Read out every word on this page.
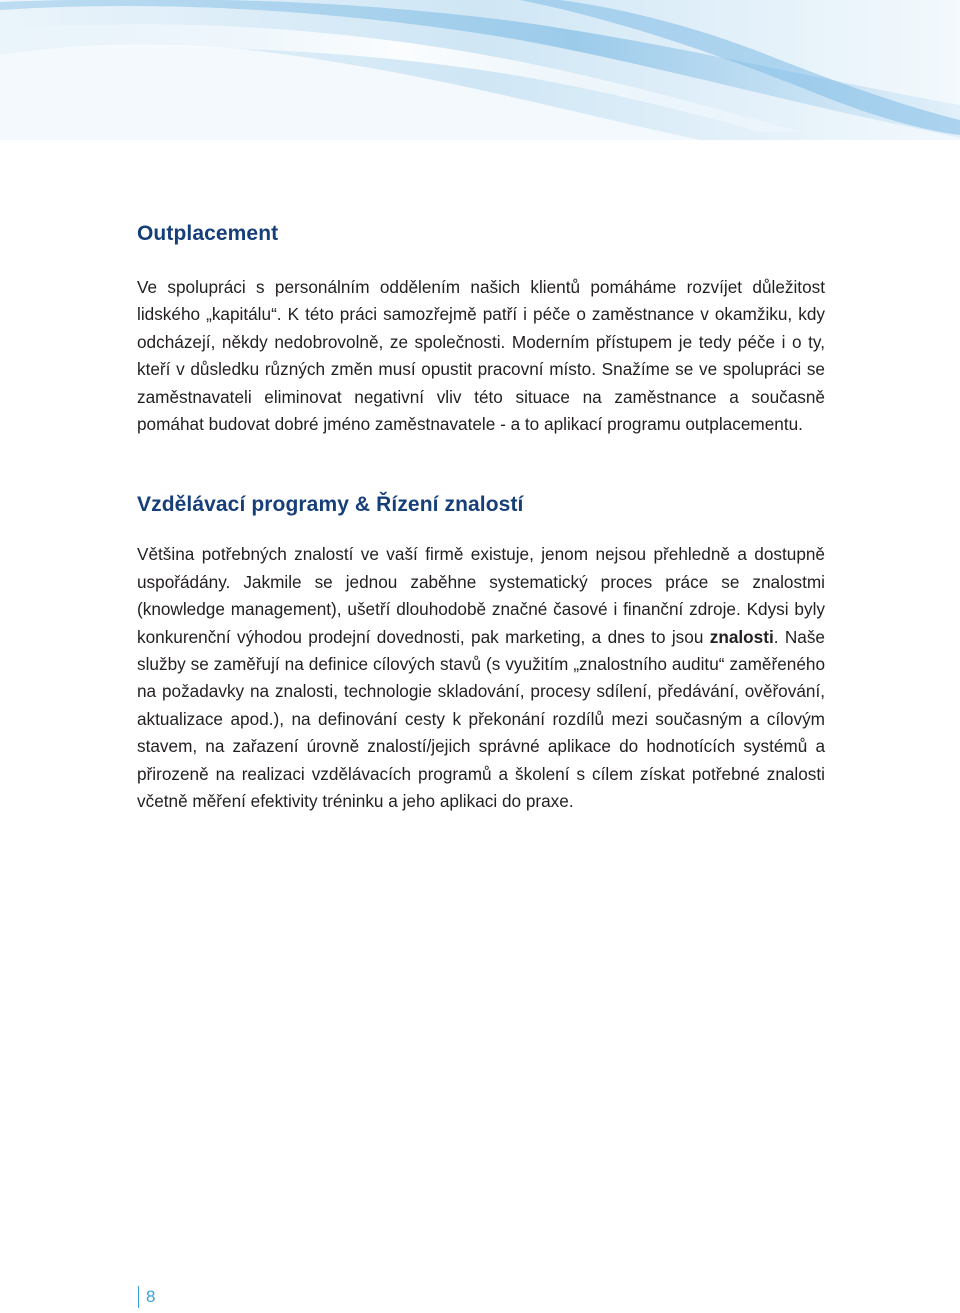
Outplacement

Ve spolupráci s personálním oddělením našich klientů pomáháme rozvíjet důležitost lidského „kapitálu“. K této práci samozřejmě patří i péče o zaměstnance v okamžiku, kdy odcházejí, někdy nedobrovolně, ze společnosti. Moderním přístupem je tedy péče i o ty, kteří v důsledku různých změn musí opustit pracovní místo. Snažíme se ve spolupráci se zaměstnavateli eliminovat negativní vliv této situace na zaměstnance a současně pomáhat budovat dobré jméno zaměstnavatele - a to aplikací programu outplacementu.

Vzdělávací programy & Řízení znalostí

Většina potřebných znalostí ve vaší firmě existuje, jenom nejsou přehledně a dostupně uspořádány. Jakmile se jednou zaběhne systematický proces práce se znalostmi (knowledge management), ušetří dlouhodobě značné časové i finanční zdroje. Kdysi byly konkurenční výhodou prodejní dovednosti, pak marketing, a dnes to jsou znalosti. Naše služby se zaměřují na definice cílových stavů (s využitím „znalostního auditu“ zaměřeného na požadavky na znalosti, technologie skladování, procesy sdílení, předávání, ověřování, aktualizace apod.), na definování cesty k překonání rozdílů mezi současným a cílovým stavem, na zařazení úrovně znalostí/jejich správné aplikace do hodnotících systémů a přirozeně na realizaci vzdělávacích programů a školení s cílem získat potřebné znalosti včetně měření efektivity tréninku a jeho aplikaci do praxe.

8
